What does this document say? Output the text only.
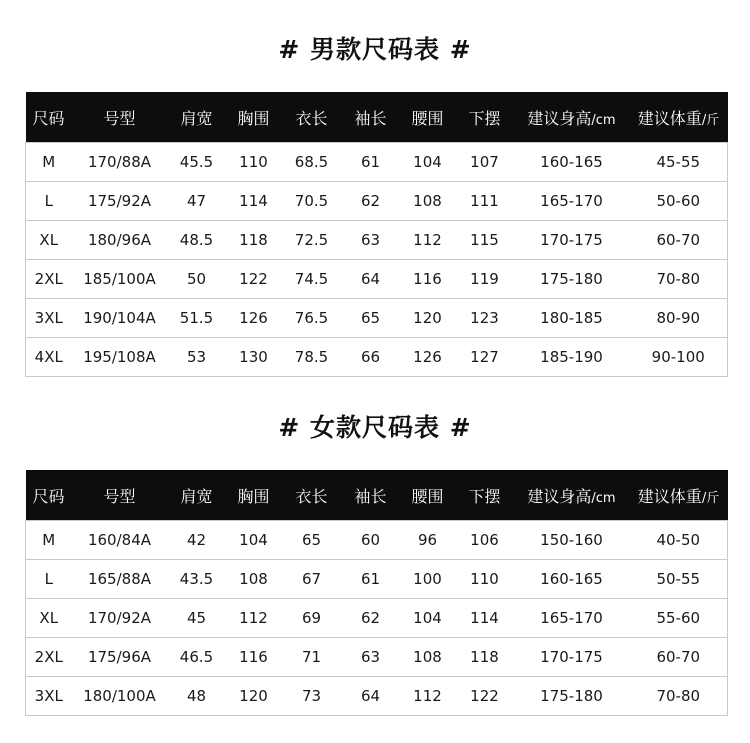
# 男款尺码表 #
尺码	号型	肩宽	胸围	衣长	袖长	腰围	下摆	建议身高/cm	建议体重/斤
M	170/88A	45.5	110	68.5	61	104	107	160-165	45-55
L	175/92A	47	114	70.5	62	108	111	165-170	50-60
XL	180/96A	48.5	118	72.5	63	112	115	170-175	60-70
2XL	185/100A	50	122	74.5	64	116	119	175-180	70-80
3XL	190/104A	51.5	126	76.5	65	120	123	180-185	80-90
4XL	195/108A	53	130	78.5	66	126	127	185-190	90-100
# 女款尺码表 #
尺码	号型	肩宽	胸围	衣长	袖长	腰围	下摆	建议身高/cm	建议体重/斤
M	160/84A	42	104	65	60	96	106	150-160	40-50
L	165/88A	43.5	108	67	61	100	110	160-165	50-55
XL	170/92A	45	112	69	62	104	114	165-170	55-60
2XL	175/96A	46.5	116	71	63	108	118	170-175	60-70
3XL	180/100A	48	120	73	64	112	122	175-180	70-80
